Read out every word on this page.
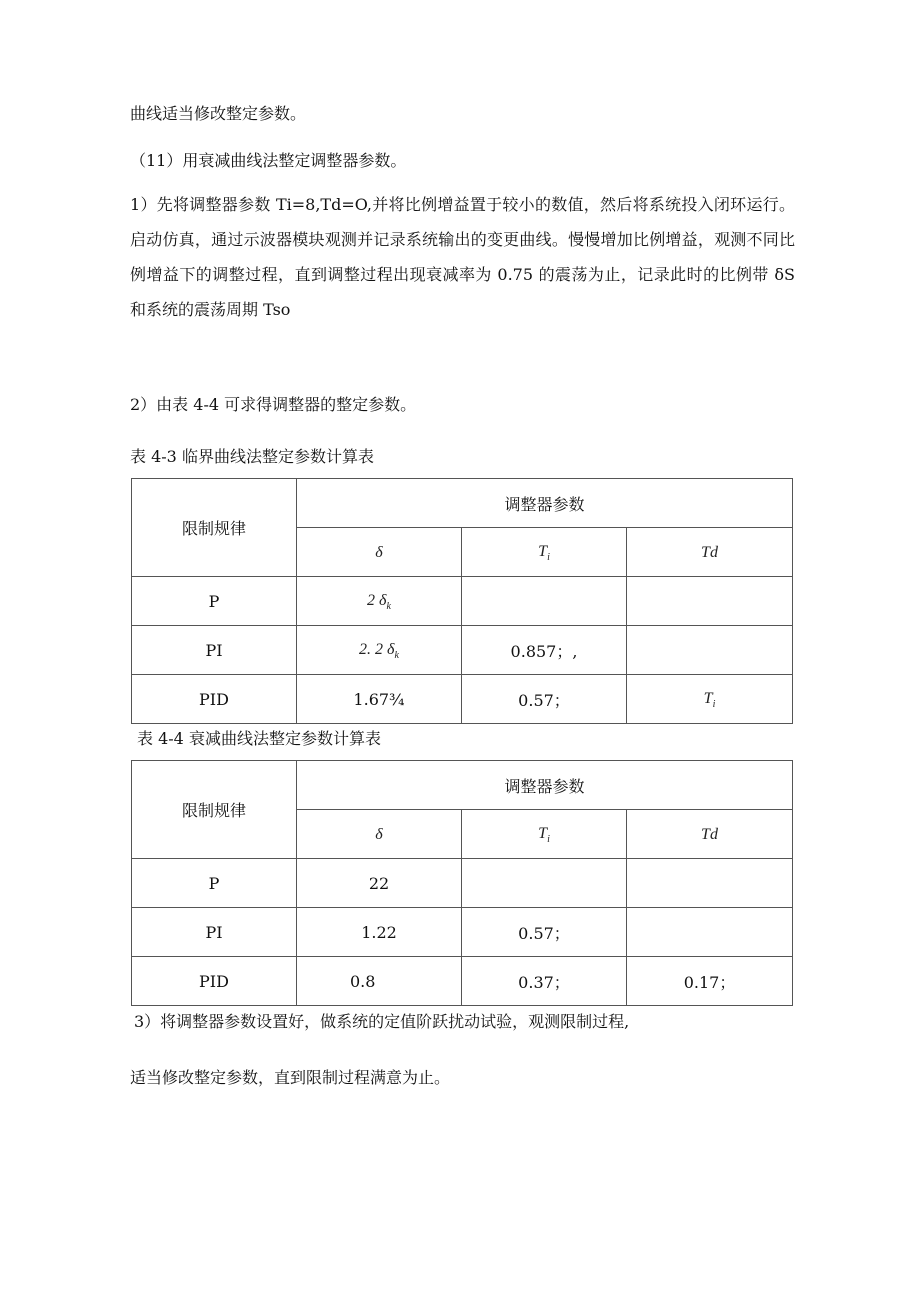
曲线适当修改整定参数。

（11）用衰减曲线法整定调整器参数。

1）先将调整器参数 Ti=8,Td=O,并将比例增益置于较小的数值，然后将系统投入闭环运行。启动仿真，通过示波器模块观测并记录系统输出的变更曲线。慢慢增加比例增益，观测不同比例增益下的调整过程，直到调整过程出现衰减率为 0.75 的震荡为止，记录此时的比例带 δS 和系统的震荡周期 Tso

2）由表 4-4 可求得调整器的整定参数。

表 4-3 临界曲线法整定参数计算表

限制规律	调整器参数		
	δ	$T_i$	Td
P	2 $\delta_k$		
PI	2. 2 $\delta_k$	0.857；,	
PID	1.67¾	0.57；	$T_i$

表 4-4 衰减曲线法整定参数计算表

限制规律	调整器参数		
	δ	$T_i$	Td
P	22		
PI	1.22	0.57；	
PID	0.8	0.37；	0.17；

3）将调整器参数设置好，做系统的定值阶跃扰动试验，观测限制过程,

适当修改整定参数，直到限制过程满意为止。
